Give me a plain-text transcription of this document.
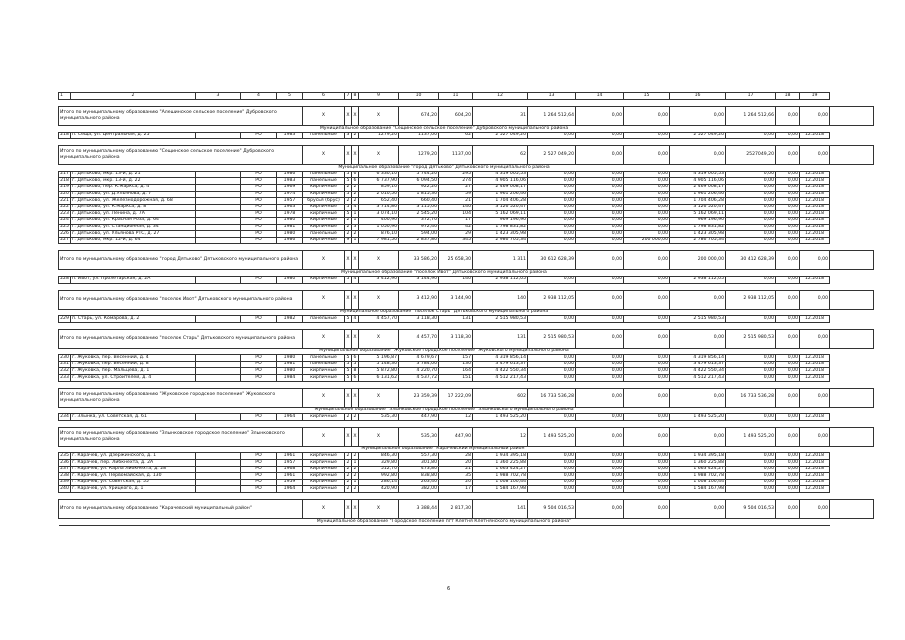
1	2	3	4	5	6	7	8	9	10	11	12	13	14	15	16	17	18	19	

Итого по муниципальному образованию "Алешинское сельское поселение" Дубровского муниципального района					X	X	X	X	674,20	604,20	31	1 264 512,64	0,00	0,00	0,00	1 264 512,66	0,00	0,00	
Муниципальное образование "Сещинское сельское поселение" Дубровского муниципального района																			
218	п. Сеща, ул. Центральная, д. 25		РО	1983	панельные	3	2	1279,20	1137,00	62	2 527 049,20	0,00	0,00	0,00	2 527 049,20	0,00	0,00	12.2018	

Итого по муниципальному образованию "Сещинское сельское поселение" Дубровского муниципального района					X	X	X	X	1279,20	1137,00	62	2 527 049,20	0,00	0,00	0,00	2527049,20	0,00	0,00	
Муниципальное образование "город Дятьково" Дятьковского муниципального района																			
217	г. Дятьково, мкр. 13-й, д. 21		РО	1986	панельные	5	6	6 330,10	5 744,20	295	4 319 005,53	0,00	0,00	0,00	4 319 005,53	0,00	0,00	12.2018	
218	г. Дятьково, мкр. 13-й, д. 22		РО	1983	панельные	5	6	6 737,90	6 094,50	274	4 905 116,06	0,00	0,00	0,00	4 905 116,06	0,00	0,00	12.2018	
219	г. Дятьково, пер. К.Маркса, д. 4		РО	1969	кирпичные	2	2	859,10	922,20	27	2 469 008,17	0,00	0,00	0,00	2 469 008,17	0,00	0,00	12.2018	
220	г. Дятьково, ул. Д.Ульянова, д. 7		РО	1974	кирпичные	5	2	2 010,50	1 815,30	59	1 961 206,46	0,00	0,00	0,00	1 961 206,46	0,00	0,00	12.2018	
221	г. Дятьково, ул. Железнодорожная, д. 68		РО	1957	брусья (брус)	2	2	652,40	660,40	21	1 704 406,28	0,00	0,00	0,00	1 704 406,28	0,00	0,00	12.2018	
222	г. Дятьково, ул. К.Маркса, д. 8		РО	1963	кирпичные	5	4	3 714,80	3 115,00	140	3 126 520,47	0,00	0,00	0,00	3 126 520,47	0,00	0,00	12.2018	
223	г. Дятьково, ул. Ленина, д. 7А		РО	1978	кирпичные	5	1	3 074,10	2 545,20	104	5 162 069,11	0,00	0,00	0,00	5 162 069,11	0,00	0,00	12.2018	
224	г. Дятьково, ул. Красная Роза, д. 64		РО	1980	кирпичные	2	1	400,90	372,70	17	969 196,90	0,00	0,00	0,00	969 196,90	0,00	0,00	12.2018	
225	г. Дятьково, ул. Станционная, д. 34		РО	1981	кирпичные	2	3	1 050,90	972,40	42	1 798 831,82	0,00	0,00	0,00	1 798 831,82	0,00	0,00	12.2018	
226	г. Дятьково, ул. Ульянова РТС, д. 27		РО	1980	панельные	2	2	876,10	594,00	29	1 423 305,98	0,00	0,00	0,00	1 423 305,98	0,00	0,00	12.2018	
227	г. Дятьково, мкр. 12-й, д. 64		РО	1986	кирпичные	9	1	7 981,50	2 837,80	345	2 986 705,34	0,00	0,00	200 000,00	2 786 705,34	0,00	0,00	12.2018	

Итого по муниципальному образованию "город Дятьково" Дятьковского муниципального района					X	X	X	X	33 586,20	25 658,30	1 311	30 612 628,39	0,00	0,00	200 000,00	30 412 628,39	0,00	0,00	
Муниципальное образование "поселок Ивот" Дятьковского муниципального района																			
228	п. Ивот, ул. Пролетарская, д. 2А		РО	1980	кирпичные	5	4	3 412,90	3 144,90	140	2 938 112,05	0,00	0,00	0,00	2 938 112,05	0,00	0,00	12.2018	

Итого по муниципальному образованию "поселок Ивот" Дятьковского муниципального района					X	X	X	X	3 412,90	3 144,90	140	2 938 112,05	0,00	0,00	0,00	2 938 112,05	0,00	0,00	
Муниципальное образование "поселок Старь" Дятьковского муниципального района																			
229	п. Старь, ул. Комарова, д. 2		РО	1982	панельные	5	4	4 457,70	3 118,30	131	2 515 980,53	0,00	0,00	0,00	2 515 980,53	0,00	0,00	12.2018	

Итого по муниципальному образованию "поселок Старь" Дятьковского муниципального района					X	X	X	X	4 457,70	3 118,30	131	2 515 980,53	0,00	0,00	0,00	2 515 980,53	0,00	0,00	
Муниципальное образование "Жуковское городское поселение" Жуковского муниципального района																			
230	г. Жуковка, пер. Весенний, д. 4		РО	1980	панельные	5	6	5 196,87	4 679,67	157	4 319 856,14	0,00	0,00	0,00	4 319 856,14	0,00	0,00	12.2018	
231	г. Жуковка, пер. Весенний, д. 8		РО	1981	панельные	5	5	5 148,30	3 784,00	130	3 479 613,37	0,00	0,00	0,00	3 479 613,37	0,00	0,00	12.2018	
232	г. Жуковка, пер. Мальцева, д. 1		РО	1980	кирпичные	5	8	5 872,80	4 220,70	164	4 422 550,34	0,00	0,00	0,00	4 422 550,34	0,00	0,00	12.2018	
233	г. Жуковка, ул. Строителей, д. 4		РО	1984	кирпичные	5	6	6 131,62	4 537,72	151	4 512 217,43	0,00	0,00	0,00	4 512 217,43	0,00	0,00	12.2018	

Итого по муниципальному образованию "Жуковское городское поселение" Жуковского муниципального района					X	X	X	X	23 359,39	17 222,09	602	16 733 536,28	0,00	0,00	0,00	16 733 536,28	0,00	0,00	
Муниципальное образование "Злынковское городское поселение" Злынковского муниципального района																			
234	г. Злынка, ул. Советская, д. 61		РО	1964	кирпичные	2	2	535,30	447,90	12	1 493 525,20	0,00	0,00	0,00	1 493 525,20	0,00	0,00	12.2018	

Итого по муниципальному образованию "Злынковское городское поселение" Злынковского муниципального района					X	X	X	X	535,30	447,90	12	1 493 525,20	0,00	0,00	0,00	1 493 525,20	0,00	0,00	
Муниципальное образование "Карачевский муниципальный район"																			
235	г. Карачев, ул. Дзержинского, д. 1		РО	1961	кирпичные	2	2	846,30	557,30	28	1 934 395,18	0,00	0,00	0,00	1 934 395,18	0,00	0,00	12.2018	
236	г. Карачев, пер. Либкнехта, д. 2А		РО	1957	кирпичные	2	1	329,80	301,80	20	1 360 225,88	0,00	0,00	0,00	1 360 225,88	0,00	0,00	12.2018	
237	г. Карачев, ул. Карла Либкнехта, д. 28		РО	1968	кирпичные	2	2	512,70	473,80	21	1 663 424,27	0,00	0,00	0,00	1 663 424,27	0,00	0,00	12.2018	
238	г. Карачев, ул. Первомайская, д. 130		РО	1961	кирпичные	2	2	992,80	838,80	35	1 988 702,78	0,00	0,00	0,00	1 988 702,78	0,00	0,00	12.2018	
239	г. Карачев, ул. Советская, д. 55		РО	1959	кирпичные	2	1	286,14	263,40	20	1 008 100,44	0,00	0,00	0,00	1 008 100,44	0,00	0,00	12.2018	
240	г. Карачев, ул. Урицкого, д. 1		РО	1964	кирпичные	2	2	420,90	382,00	17	1 584 167,98	0,00	0,00	0,00	1 584 167,98	0,00	0,00	12.2018	

Итого по муниципальному образованию "Карачевский муниципальный район"					X	X	X	X	3 388,44	2 817,30	141	9 504 016,53	0,00	0,00	0,00	9 504 016,53	0,00	0,00	
Муниципальное образование "Городское поселение пгт Клетня Клетнянского муниципального района"																			
6
